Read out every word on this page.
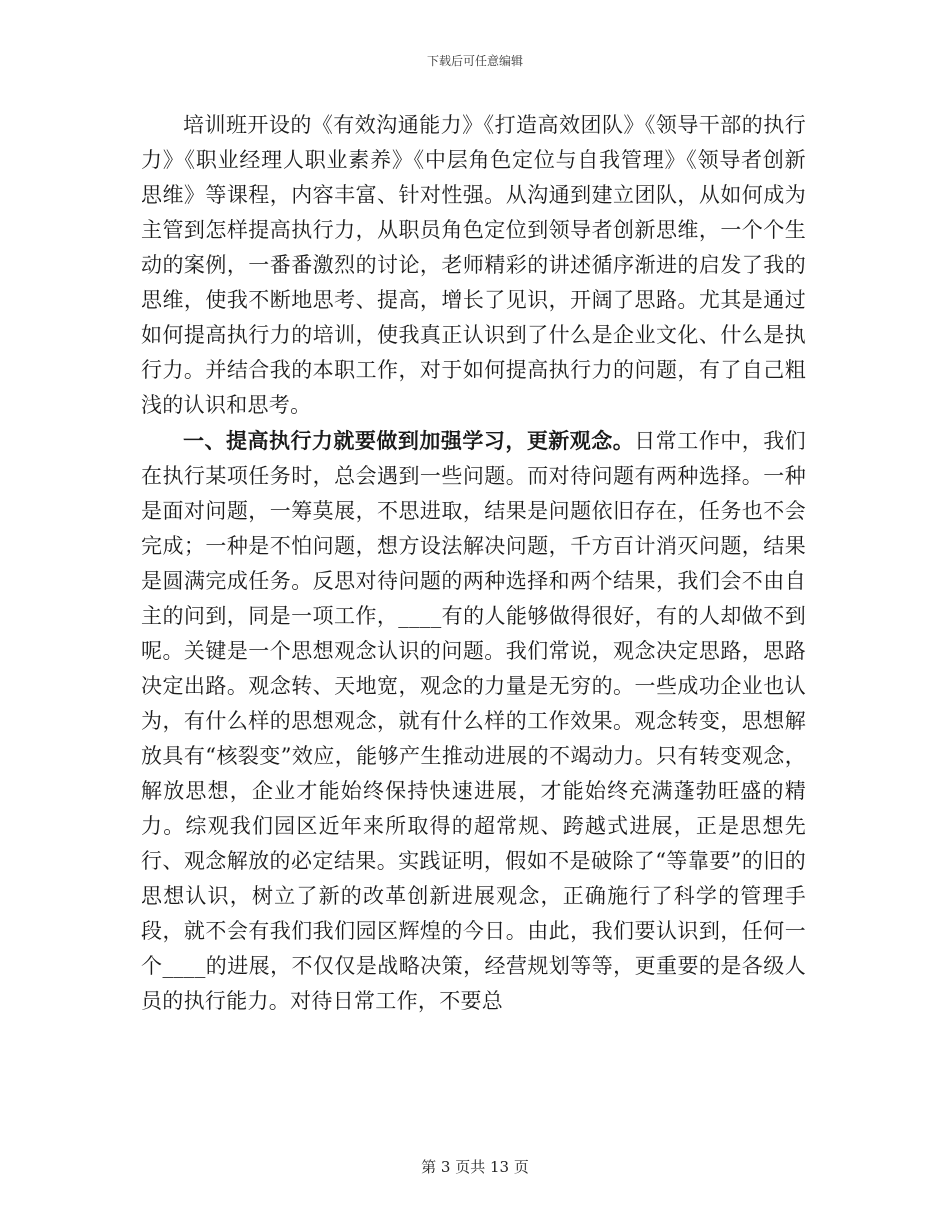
下载后可任意编辑

培训班开设的《有效沟通能力》《打造高效团队》《领导干部的执行力》《职业经理人职业素养》《中层角色定位与自我管理》《领导者创新思维》等课程，内容丰富、针对性强。从沟通到建立团队，从如何成为主管到怎样提高执行力，从职员角色定位到领导者创新思维，一个个生动的案例，一番番激烈的讨论，老师精彩的讲述循序渐进的启发了我的思维，使我不断地思考、提高，增长了见识，开阔了思路。尤其是通过如何提高执行力的培训，使我真正认识到了什么是企业文化、什么是执行力。并结合我的本职工作，对于如何提高执行力的问题，有了自己粗浅的认识和思考。

一、提高执行力就要做到加强学习，更新观念。日常工作中，我们在执行某项任务时，总会遇到一些问题。而对待问题有两种选择。一种是面对问题，一筹莫展，不思进取，结果是问题依旧存在，任务也不会完成；一种是不怕问题，想方设法解决问题，千方百计消灭问题，结果是圆满完成任务。反思对待问题的两种选择和两个结果，我们会不由自主的问到，同是一项工作，____有的人能够做得很好，有的人却做不到呢。关键是一个思想观念认识的问题。我们常说，观念决定思路，思路决定出路。观念转、天地宽，观念的力量是无穷的。一些成功企业也认为，有什么样的思想观念，就有什么样的工作效果。观念转变，思想解放具有“核裂变”效应，能够产生推动进展的不竭动力。只有转变观念，解放思想，企业才能始终保持快速进展，才能始终充满蓬勃旺盛的精力。综观我们园区近年来所取得的超常规、跨越式进展，正是思想先行、观念解放的必定结果。实践证明，假如不是破除了“等靠要”的旧的思想认识，树立了新的改革创新进展观念，正确施行了科学的管理手段，就不会有我们我们园区辉煌的今日。由此，我们要认识到，任何一个____的进展，不仅仅是战略决策，经营规划等等，更重要的是各级人员的执行能力。对待日常工作，不要总

第 3 页共 13 页
